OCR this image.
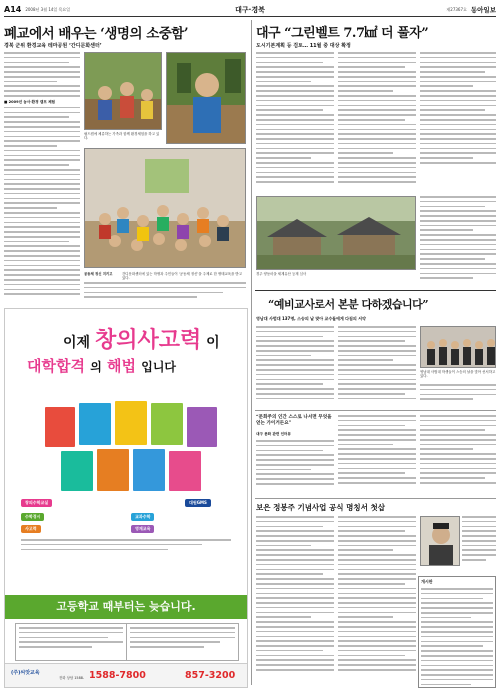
A14 2008년 3월 14일 목요일	대구·경북	제27367호 동아일보
폐교에서 배우는 ‘생명의 소중함’
경북 군위 환경교육 테마공원 ‘간디문화센터’
■ 2009년 농사·환경 캠프 체험
필드캠에 체류하는 가족과 함께 환경체험을 하고 있다.
공동체 정신 지키고	간디문화센터에 있는 학생과 주민들이 ‘공동체 정신’을 주제로 한 생태교육을 받고 있다.
대구 “그린벨트 7.7㎢ 더 풀자”
도시기본계획 등 검토… 11월 중 대상 확정
경주 양동마을 세계유산 등재 심사
“예비교사로서 본분 다하겠습니다”
영남대 사범대 137명, 스승의 날 맞아 교수들에게 다짐의 서약
영남대 사범대 학생들이 스승의 날을 맞아 선서하고 있다.
“문화주의 인간 스스로 나서면 무엇을 얻는 가이거든요”
대구 문화 관련 인터뷰
보은 정봉주 기념사업 공식 명칭서 첫삽
개시판
이제 창의사고력 이
대학합격 의 해법 입니다
창의수학교실	대원GMS
수학경시
사고력
교과수학
영재교육
고등학교 때부터는 늦습니다.
(주)씨앗교육
전화 상담 1588- 1588-7800	857-3200
